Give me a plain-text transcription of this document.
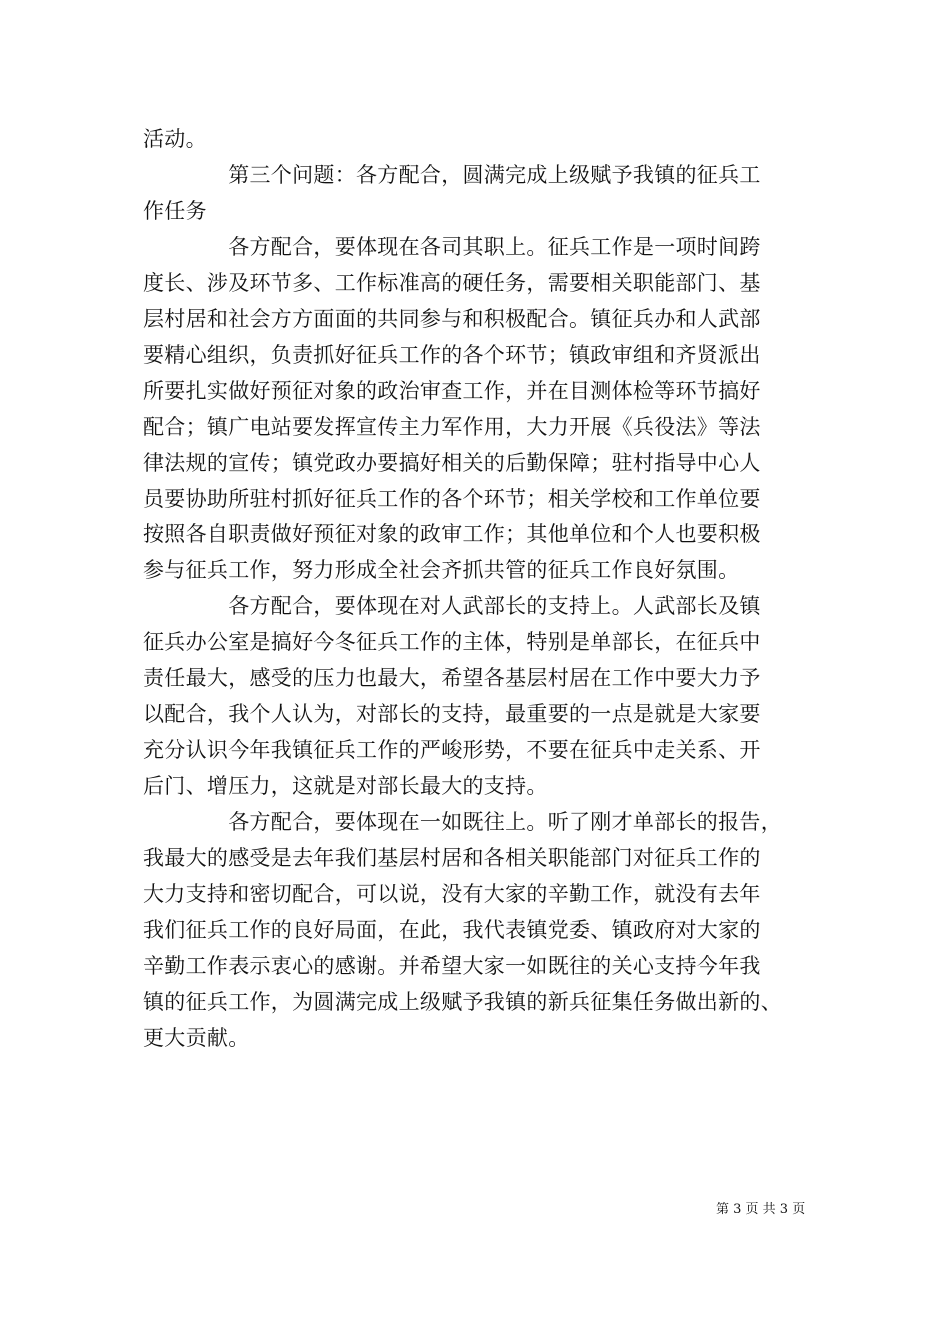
活动。
　　　　第三个问题：各方配合，圆满完成上级赋予我镇的征兵工
作任务
　　　　各方配合，要体现在各司其职上。征兵工作是一项时间跨
度长、涉及环节多、工作标准高的硬任务，需要相关职能部门、基
层村居和社会方方面面的共同参与和积极配合。镇征兵办和人武部
要精心组织，负责抓好征兵工作的各个环节；镇政审组和齐贤派出
所要扎实做好预征对象的政治审查工作，并在目测体检等环节搞好
配合；镇广电站要发挥宣传主力军作用，大力开展《兵役法》等法
律法规的宣传；镇党政办要搞好相关的后勤保障；驻村指导中心人
员要协助所驻村抓好征兵工作的各个环节；相关学校和工作单位要
按照各自职责做好预征对象的政审工作；其他单位和个人也要积极
参与征兵工作，努力形成全社会齐抓共管的征兵工作良好氛围。
　　　　各方配合，要体现在对人武部长的支持上。人武部长及镇
征兵办公室是搞好今冬征兵工作的主体，特别是单部长，在征兵中
责任最大，感受的压力也最大，希望各基层村居在工作中要大力予
以配合，我个人认为，对部长的支持，最重要的一点是就是大家要
充分认识今年我镇征兵工作的严峻形势，不要在征兵中走关系、开
后门、增压力，这就是对部长最大的支持。
　　　　各方配合，要体现在一如既往上。听了刚才单部长的报告，
我最大的感受是去年我们基层村居和各相关职能部门对征兵工作的
大力支持和密切配合，可以说，没有大家的辛勤工作，就没有去年
我们征兵工作的良好局面，在此，我代表镇党委、镇政府对大家的
辛勤工作表示衷心的感谢。并希望大家一如既往的关心支持今年我
镇的征兵工作，为圆满完成上级赋予我镇的新兵征集任务做出新的、
更大贡献。
第 3 页 共 3 页
